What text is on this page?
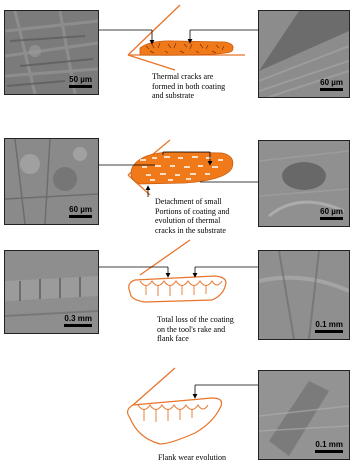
50 µm	60 µm
60 µm	60 µm
0.3 mm
0.1 mm
0.1 mm
Thermal cracks are
formed in both coating
and substrate
Detachment of small
Portions of coating and
evolution of thermal
cracks in the substrate
Total loss of the coating
on the tool's rake and
flank face
Flank wear evolution
